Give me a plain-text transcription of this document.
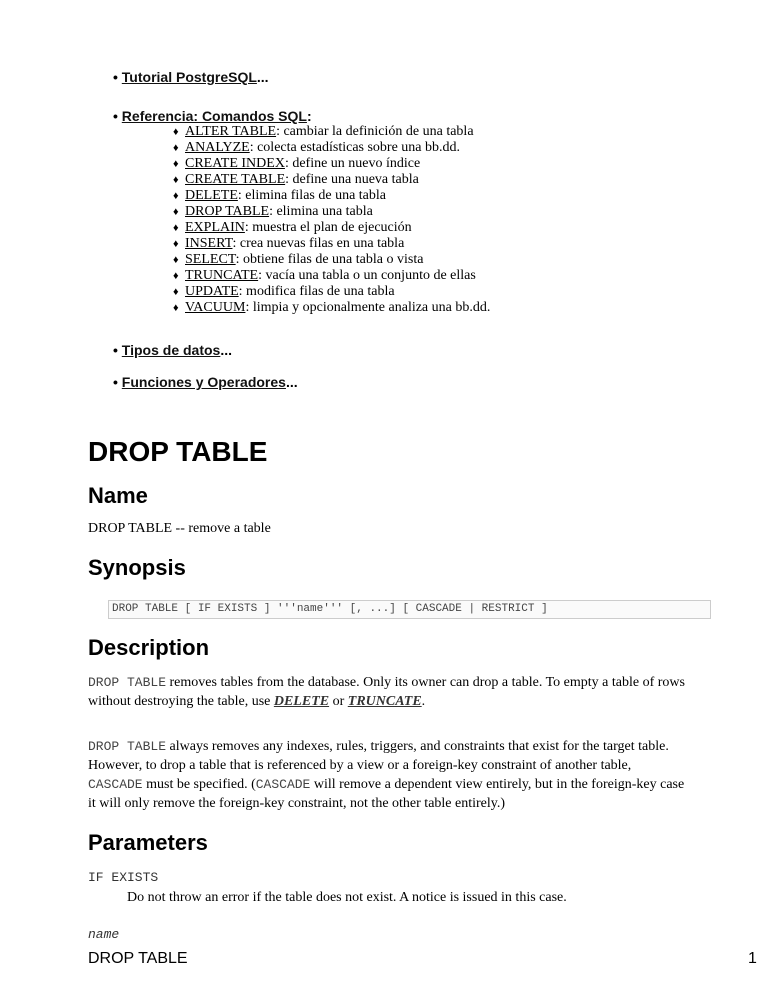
• Tutorial PostgreSQL...
• Referencia: Comandos SQL:
♦ ALTER TABLE: cambiar la definición de una tabla
♦ ANALYZE: colecta estadísticas sobre una bb.dd.
♦ CREATE INDEX: define un nuevo índice
♦ CREATE TABLE: define una nueva tabla
♦ DELETE: elimina filas de una tabla
♦ DROP TABLE: elimina una tabla
♦ EXPLAIN: muestra el plan de ejecución
♦ INSERT: crea nuevas filas en una tabla
♦ SELECT: obtiene filas de una tabla o vista
♦ TRUNCATE: vacía una tabla o un conjunto de ellas
♦ UPDATE: modifica filas de una tabla
♦ VACUUM: limpia y opcionalmente analiza una bb.dd.
• Tipos de datos...
• Funciones y Operadores...
DROP TABLE
Name

DROP TABLE -- remove a table

Synopsis
DROP TABLE [ IF EXISTS ] '''name''' [, ...] [ CASCADE | RESTRICT ]
Description

DROP TABLE removes tables from the database. Only its owner can drop a table. To empty a table of rows without destroying the table, use DELETE or TRUNCATE.

DROP TABLE always removes any indexes, rules, triggers, and constraints that exist for the target table. However, to drop a table that is referenced by a view or a foreign-key constraint of another table, CASCADE must be specified. (CASCADE will remove a dependent view entirely, but in the foreign-key case it will only remove the foreign-key constraint, not the other table entirely.)

Parameters
IF EXISTS

Do not throw an error if the table does not exist. A notice is issued in this case.

name
DROP TABLE	1
